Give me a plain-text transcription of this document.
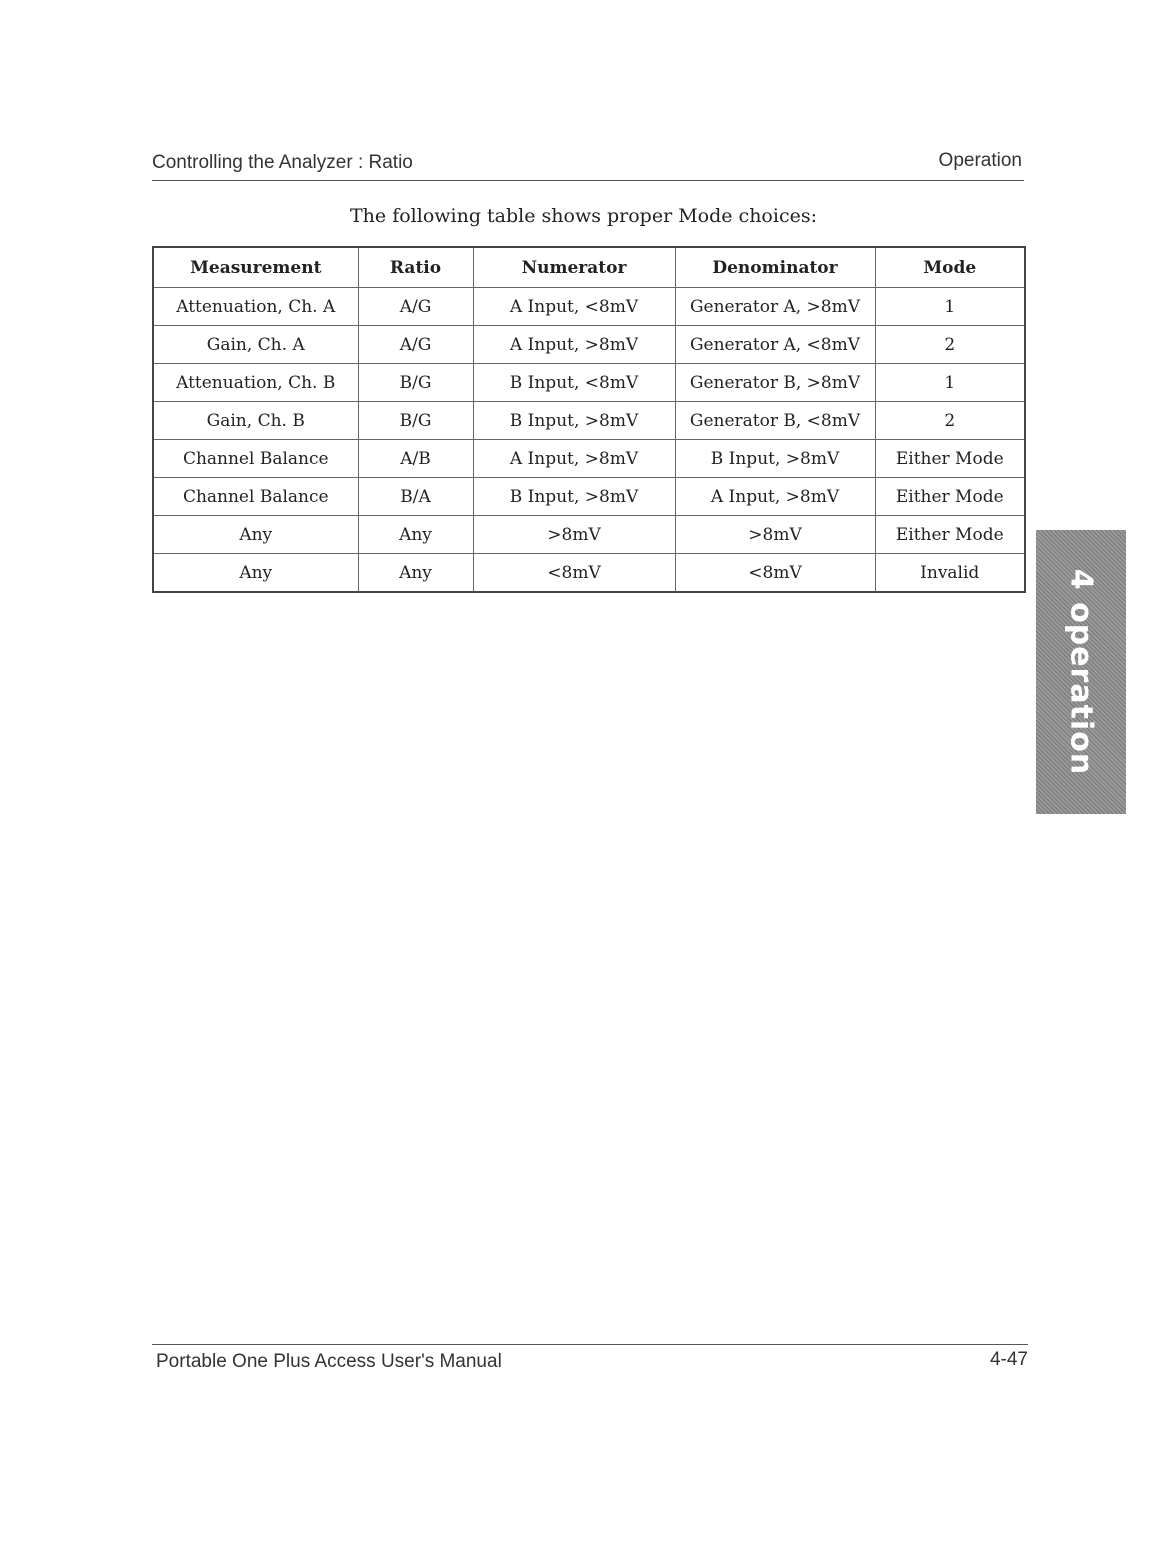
Controlling the Analyzer : Ratio	Operation
The following table shows proper Mode choices:
Measurement	Ratio	Numerator	Denominator	Mode
Attenuation, Ch. A	A/G	A Input, <8mV	Generator A, >8mV	1
Gain, Ch. A	A/G	A Input, >8mV	Generator A, <8mV	2
Attenuation, Ch. B	B/G	B Input, <8mV	Generator B, >8mV	1
Gain, Ch. B	B/G	B Input, >8mV	Generator B, <8mV	2
Channel Balance	A/B	A Input, >8mV	B Input, >8mV	Either Mode
Channel Balance	B/A	B Input, >8mV	A Input, >8mV	Either Mode
Any	Any	>8mV	>8mV	Either Mode
Any	Any	<8mV	<8mV	Invalid	4 operation
Portable One Plus Access User's Manual	4-47
